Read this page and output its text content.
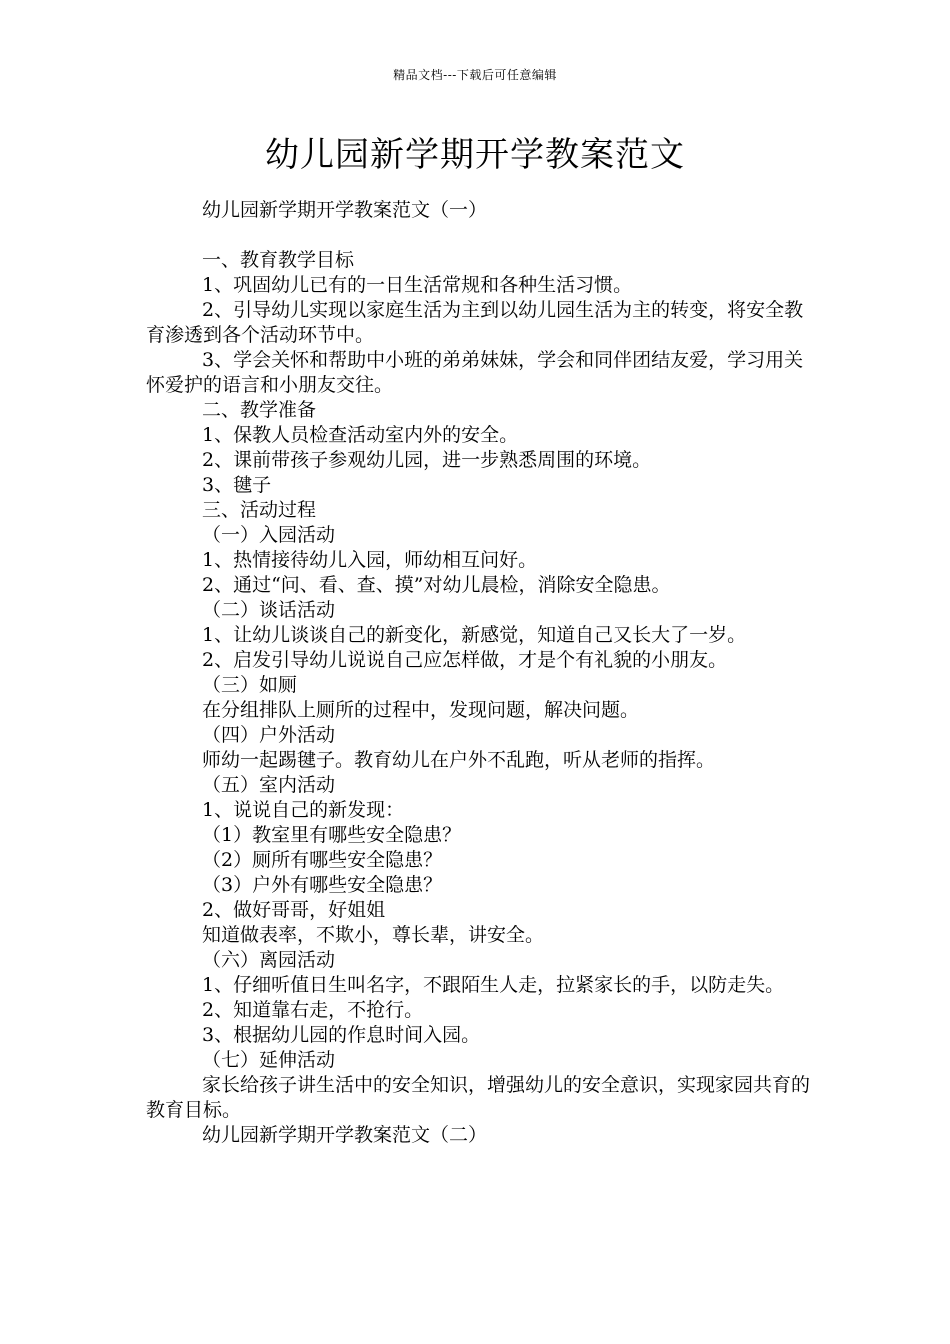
精品文档---下载后可任意编辑
幼儿园新学期开学教案范文

幼儿园新学期开学教案范文（一）

一、教育教学目标

1、巩固幼儿已有的一日生活常规和各种生活习惯。

2、引导幼儿实现以家庭生活为主到以幼儿园生活为主的转变，将安全教育渗透到各个活动环节中。

3、学会关怀和帮助中小班的弟弟妹妹，学会和同伴团结友爱，学习用关怀爱护的语言和小朋友交往。

二、教学准备

1、保教人员检查活动室内外的安全。

2、课前带孩子参观幼儿园，进一步熟悉周围的环境。

3、毽子

三、活动过程

（一）入园活动

1、热情接待幼儿入园，师幼相互问好。

2、通过“问、看、查、摸”对幼儿晨检，消除安全隐患。

（二）谈话活动

1、让幼儿谈谈自己的新变化，新感觉，知道自己又长大了一岁。

2、启发引导幼儿说说自己应怎样做，才是个有礼貌的小朋友。

（三）如厕

在分组排队上厕所的过程中，发现问题，解决问题。

（四）户外活动

师幼一起踢毽子。教育幼儿在户外不乱跑，听从老师的指挥。

（五）室内活动

1、说说自己的新发现：

（1）教室里有哪些安全隐患？

（2）厕所有哪些安全隐患？

（3）户外有哪些安全隐患？

2、做好哥哥，好姐姐

知道做表率，不欺小，尊长辈，讲安全。

（六）离园活动

1、仔细听值日生叫名字，不跟陌生人走，拉紧家长的手，以防走失。

2、知道靠右走，不抢行。

3、根据幼儿园的作息时间入园。

（七）延伸活动

家长给孩子讲生活中的安全知识，增强幼儿的安全意识，实现家园共育的教育目标。

幼儿园新学期开学教案范文（二）
